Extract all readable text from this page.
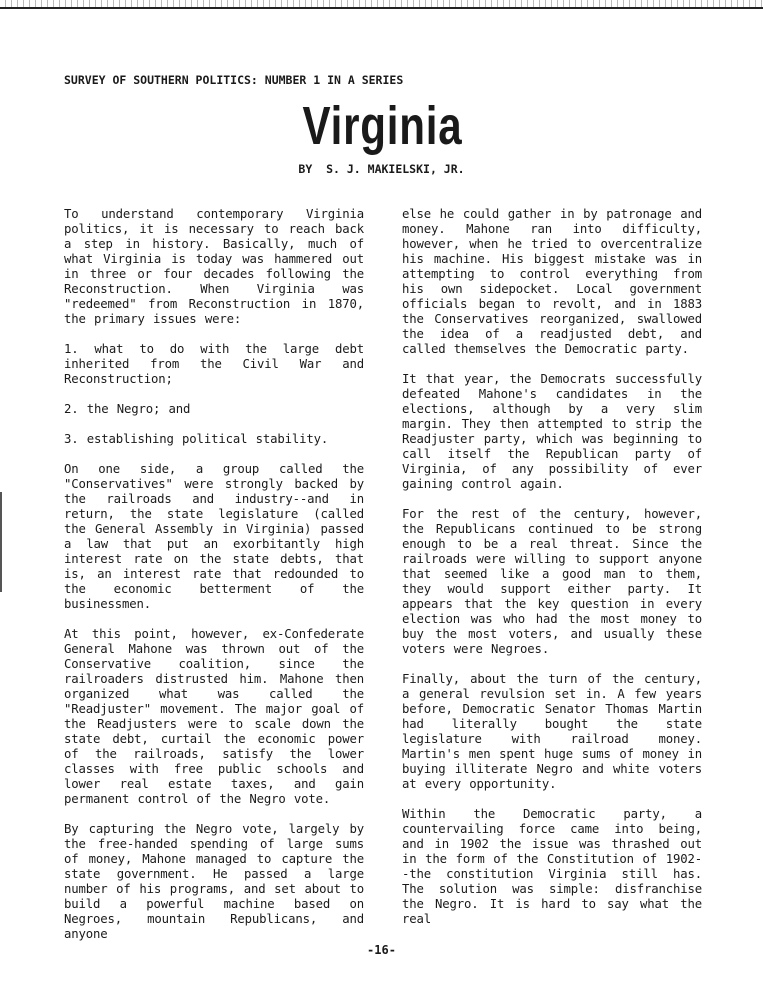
SURVEY OF SOUTHERN POLITICS: NUMBER 1 IN A SERIES
Virginia
BY  S. J. MAKIELSKI, JR.

To understand contemporary Virginia politics, it is necessary to reach back a step in history. Basically, much of what Virginia is today was hammered out in three or four decades following the Reconstruction. When Virginia was "redeemed" from Reconstruction in 1870, the primary issues were:

1. what to do with the large debt inherited from the Civil War and Reconstruction;

2. the Negro; and

3. establishing political stability.

On one side, a group called the "Conservatives" were strongly backed by the railroads and industry--and in return, the state legislature (called the General Assembly in Virginia) passed a law that put an exorbitantly high interest rate on the state debts, that is, an interest rate that redounded to the economic betterment of the businessmen.

At this point, however, ex-Confederate General Mahone was thrown out of the Conservative coalition, since the railroaders distrusted him. Mahone then organized what was called the "Readjuster" movement. The major goal of the Readjusters were to scale down the state debt, curtail the economic power of the railroads, satisfy the lower classes with free public schools and lower real estate taxes, and gain permanent control of the Negro vote.

By capturing the Negro vote, largely by the free-handed spending of large sums of money, Mahone managed to capture the state government. He passed a large number of his programs, and set about to build a powerful machine based on Negroes, mountain Republicans, and anyone

else he could gather in by patronage and money. Mahone ran into difficulty, however, when he tried to overcentralize his machine. His biggest mistake was in attempting to control everything from his own sidepocket. Local government officials began to revolt, and in 1883 the Conservatives reorganized, swallowed the idea of a readjusted debt, and called themselves the Democratic party.

It that year, the Democrats successfully defeated Mahone's candidates in the elections, although by a very slim margin. They then attempted to strip the Readjuster party, which was beginning to call itself the Republican party of Virginia, of any possibility of ever gaining control again.

For the rest of the century, however, the Republicans continued to be strong enough to be a real threat. Since the railroads were willing to support anyone that seemed like a good man to them, they would support either party. It appears that the key question in every election was who had the most money to buy the most voters, and usually these voters were Negroes.

Finally, about the turn of the century, a general revulsion set in. A few years before, Democratic Senator Thomas Martin had literally bought the state legislature with railroad money. Martin's men spent huge sums of money in buying illiterate Negro and white voters at every opportunity.

Within the Democratic party, a countervailing force came into being, and in 1902 the issue was thrashed out in the form of the Constitution of 1902--the constitution Virginia still has. The solution was simple: disfranchise the Negro. It is hard to say what the real

-16-
